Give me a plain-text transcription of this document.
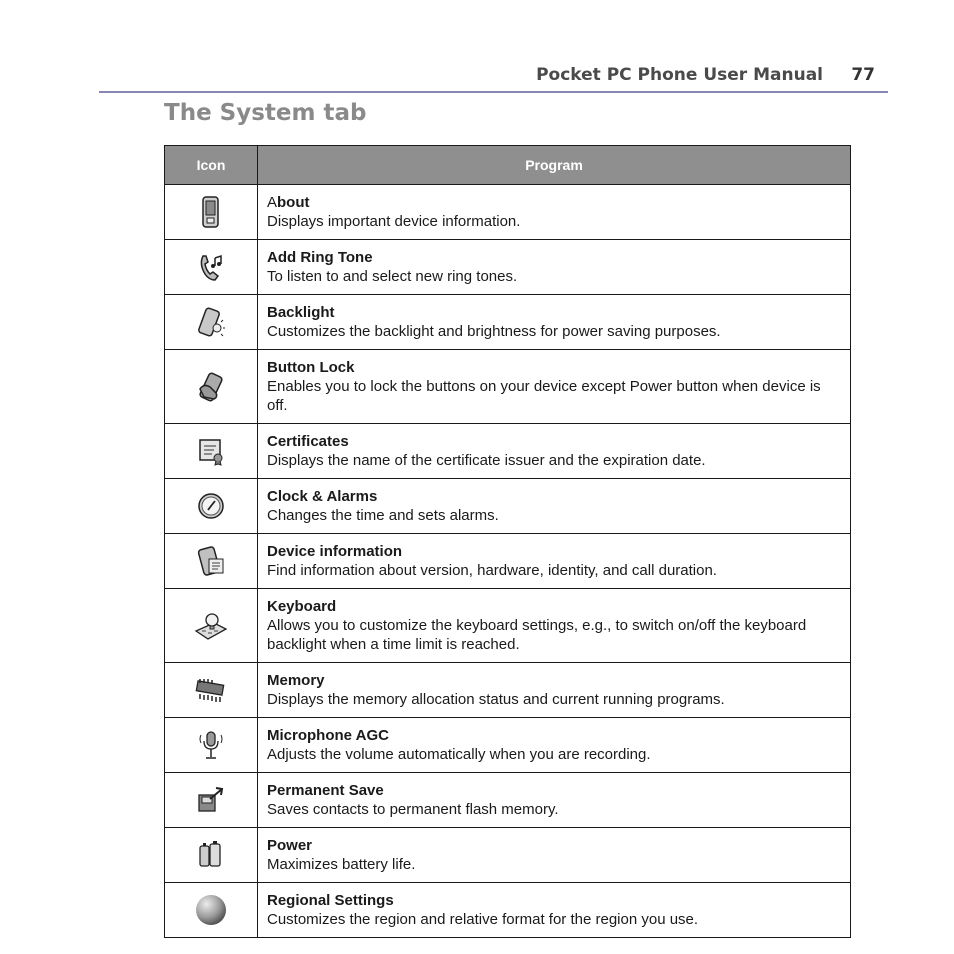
Pocket PC Phone User Manual 77
The System tab
Icon	Program

	About
Displays important device information.

	Add Ring Tone
To listen to and select new ring tones.

	Backlight
Customizes the backlight and brightness for power saving purposes.

	Button Lock
Enables you to lock the buttons on your device except Power button when device is off.

	Certificates
Displays the name of the certificate issuer and the expiration date.

	Clock & Alarms
Changes the time and sets alarms.

	Device information
Find information about version, hardware, identity, and call duration.

	Keyboard
Allows you to customize the keyboard settings, e.g., to switch on/off the keyboard backlight when a time limit is reached.

	Memory
Displays the memory allocation status and current running programs.

	Microphone AGC
Adjusts the volume automatically when you are recording.

	Permanent Save
Saves contacts to permanent flash memory.

	Power
Maximizes battery life.

	Regional Settings
Customizes the region and relative format for the region you use.
